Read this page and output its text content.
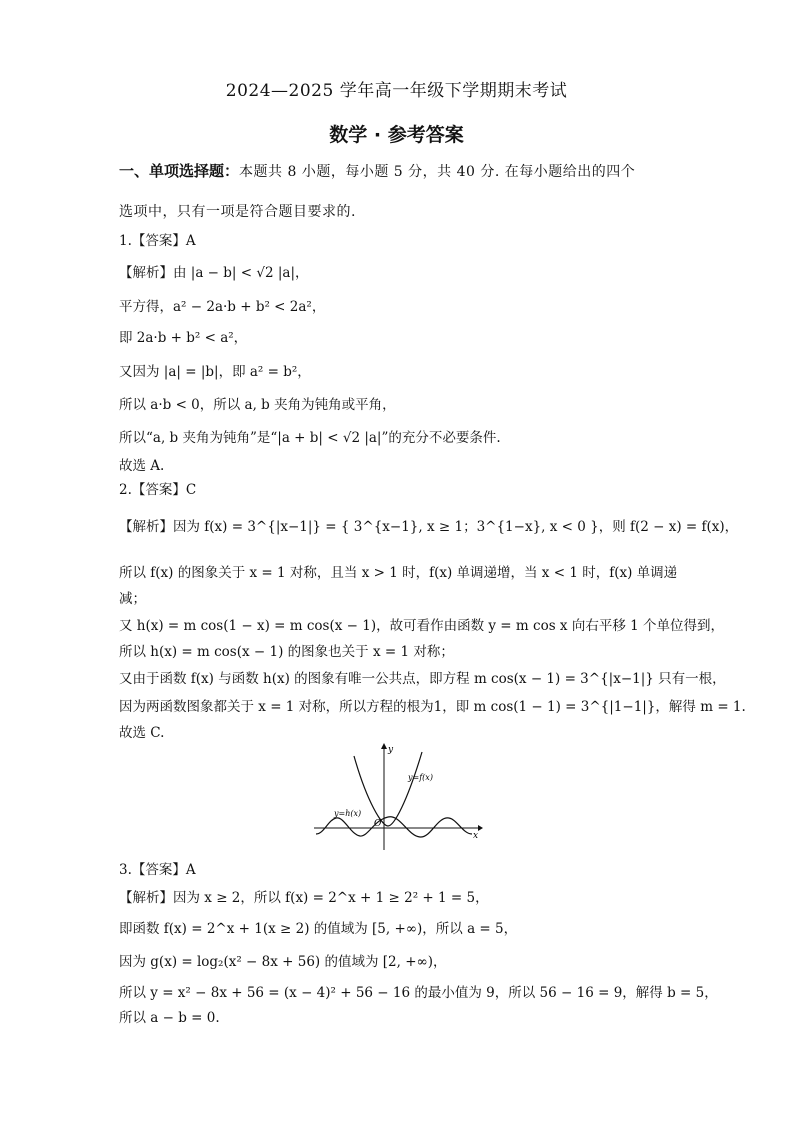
2024—2025 学年高一年级下学期期末考试
数学 · 参考答案
一、单项选择题：本题共 8 小题，每小题 5 分，共 40 分. 在每小题给出的四个
选项中，只有一项是符合题目要求的.
1.【答案】A
【解析】由 |a − b| < √2 |a|，
平方得，a² − 2a·b + b² < 2a²，
即 2a·b + b² < a²，
又因为 |a| = |b|，即 a² = b²，
所以 a·b < 0，所以 a, b 夹角为钝角或平角，
所以“a, b 夹角为钝角”是“|a + b| < √2 |a|”的充分不必要条件.
故选 A.
2.【答案】C
【解析】因为 f(x) = 3^{|x−1|} = { 3^{x−1}, x ≥ 1；3^{1−x}, x < 0 }，则 f(2 − x) = f(x)，
所以 f(x) 的图象关于 x = 1 对称，且当 x > 1 时，f(x) 单调递增，当 x < 1 时，f(x) 单调递
减；
又 h(x) = m cos(1 − x) = m cos(x − 1)，故可看作由函数 y = m cos x 向右平移 1 个单位得到，
所以 h(x) = m cos(x − 1) 的图象也关于 x = 1 对称；
又由于函数 f(x) 与函数 h(x) 的图象有唯一公共点，即方程 m cos(x − 1) = 3^{|x−1|} 只有一根，
因为两函数图象都关于 x = 1 对称，所以方程的根为1，即 m cos(1 − 1) = 3^{|1−1|}，解得 m = 1.
故选 C.
y
x
O
y=f(x)
y=h(x)
3.【答案】A
【解析】因为 x ≥ 2，所以 f(x) = 2^x + 1 ≥ 2² + 1 = 5，
即函数 f(x) = 2^x + 1(x ≥ 2) 的值域为 [5, +∞)，所以 a = 5，
因为 g(x) = log₂(x² − 8x + 56) 的值域为 [2, +∞)，
所以 y = x² − 8x + 56 = (x − 4)² + 56 − 16 的最小值为 9，所以 56 − 16 = 9，解得 b = 5，
所以 a − b = 0.
